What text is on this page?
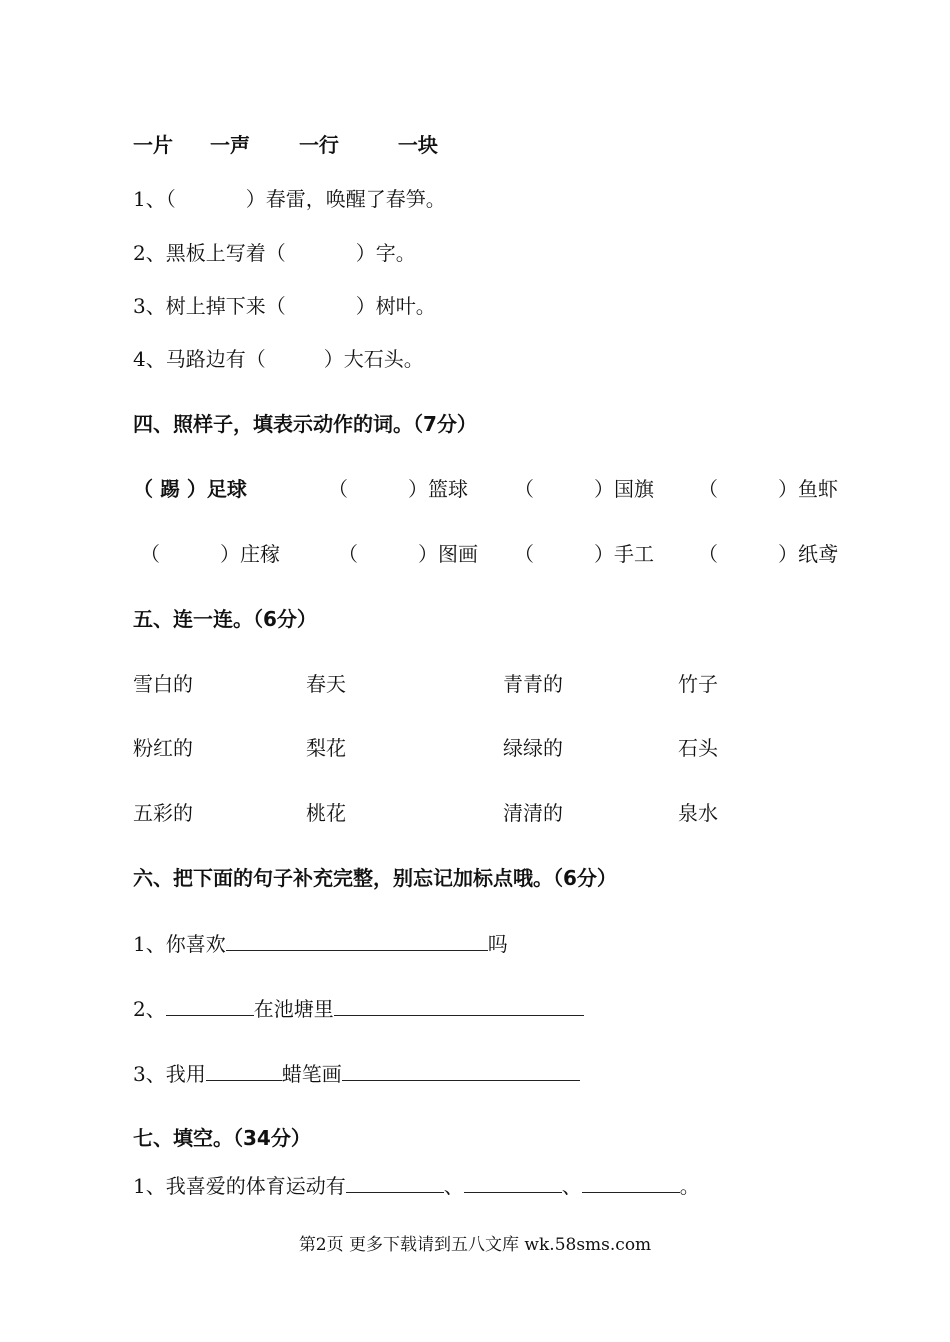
一片 一声 一行	一块
1、（	）春雷，唤醒了春笋。
2、黑板上写着（	）字。
3、树上掉下来（	）树叶。
4、马路边有（	）大石头。
四、照样子，填表示动作的词。（7分）
（ 踢 ）足球	（　　　）篮球 （　　　）国旗 （　　　）鱼虾
（　　　）庄稼	（　　　）图画 （　　　）手工 （　　　）纸鸢
五、连一连。（6分）
雪白的	春天	青青的	竹子
粉红的	梨花	绿绿的	石头
五彩的	桃花	清清的	泉水
六、把下面的句子补充完整，别忘记加标点哦。（6分）
1、你喜欢	吗
2、	在池塘里
3、我用	蜡笔画
七、填空。（34分）
1、我喜爱的体育运动有	、	、	。
第2页 更多下载请到五八文库 wk.58sms.com
